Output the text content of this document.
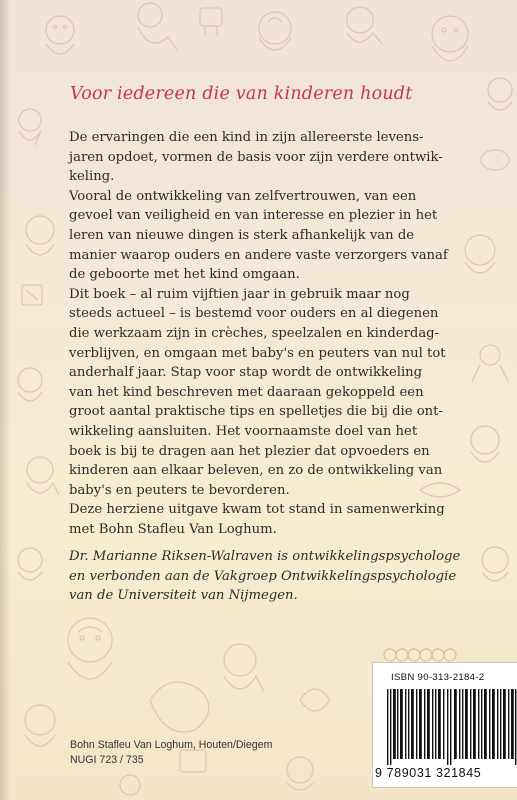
Voor iedereen die van kinderen houdt

De ervaringen die een kind in zijn allereerste levens-

jaren opdoet, vormen de basis voor zijn verdere ontwik-

keling.

Vooral de ontwikkeling van zelfvertrouwen, van een

gevoel van veiligheid en van interesse en plezier in het

leren van nieuwe dingen is sterk afhankelijk van de

manier waarop ouders en andere vaste verzorgers vanaf

de geboorte met het kind omgaan.

Dit boek – al ruim vijftien jaar in gebruik maar nog

steeds actueel – is bestemd voor ouders en al diegenen

die werkzaam zijn in crèches, speelzalen en kinderdag-

verblijven, en omgaan met baby's en peuters van nul tot

anderhalf jaar. Stap voor stap wordt de ontwikkeling

van het kind beschreven met daaraan gekoppeld een

groot aantal praktische tips en spelletjes die bij die ont-

wikkeling aansluiten. Het voornaamste doel van het

boek is bij te dragen aan het plezier dat opvoeders en

kinderen aan elkaar beleven, en zo de ontwikkeling van

baby's en peuters te bevorderen.

Deze herziene uitgave kwam tot stand in samenwerking

met Bohn Stafleu Van Loghum.

Dr. Marianne Riksen-Walraven is ontwikkelingspsychologe

en verbonden aan de Vakgroep Ontwikkelingspsychologie

van de Universiteit van Nijmegen.

Bohn Stafleu Van Loghum, Houten/Diegem
NUGI 723 / 735
ISBN 90-313-2184-2
9 789031 321845
